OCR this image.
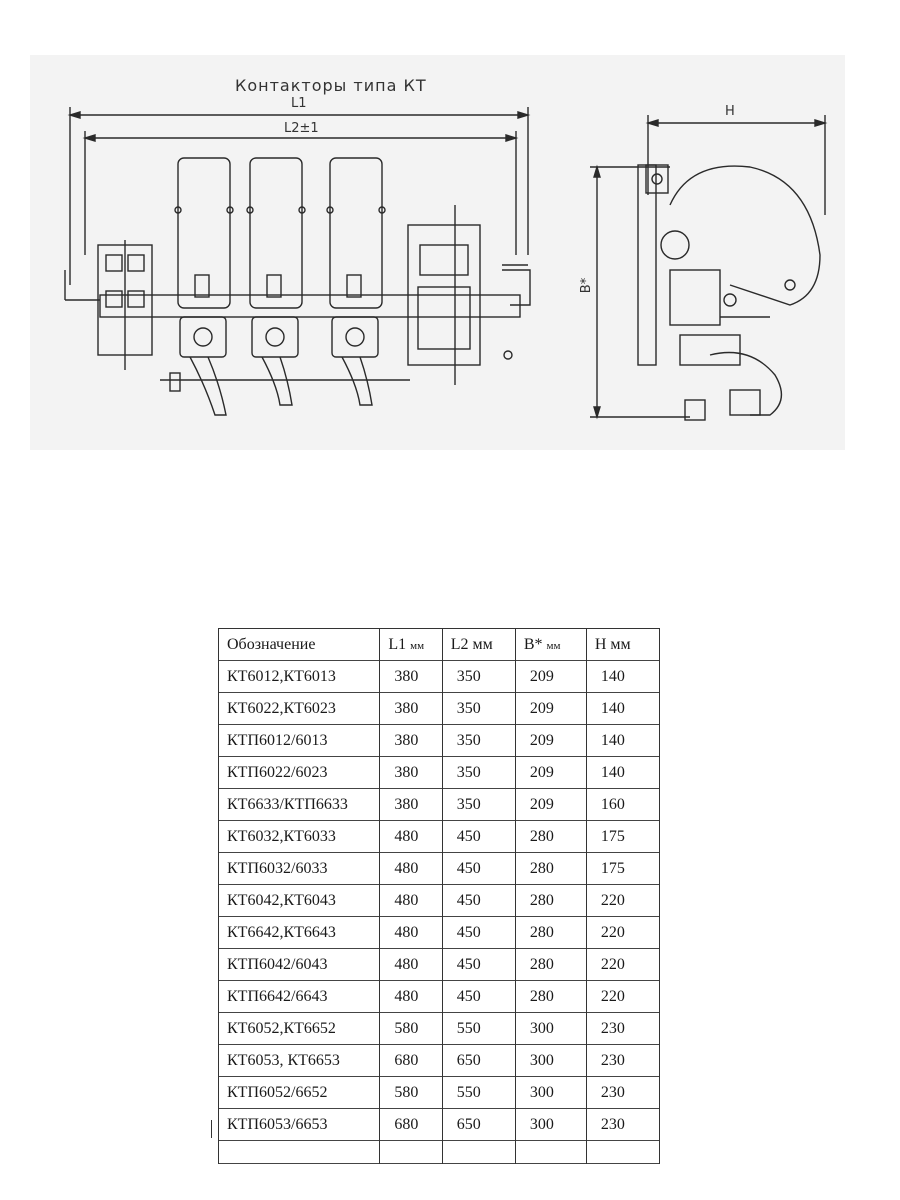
Контакторы типа КТ
L1
L2±1
H
B*
Обозначение	L1 мм	L2 мм	B* мм	H мм
КТ6012,КТ6013	380	350	209	140
КТ6022,КТ6023	380	350	209	140
КТП6012/6013	380	350	209	140
КТП6022/6023	380	350	209	140
КТ6633/КТП6633	380	350	209	160
КТ6032,КТ6033	480	450	280	175
КТП6032/6033	480	450	280	175
КТ6042,КТ6043	480	450	280	220
КТ6642,КТ6643	480	450	280	220
КТП6042/6043	480	450	280	220
КТП6642/6643	480	450	280	220
КТ6052,КТ6652	580	550	300	230
КТ6053, КТ6653	680	650	300	230
КТП6052/6652	580	550	300	230
КТП6053/6653	680	650	300	230
